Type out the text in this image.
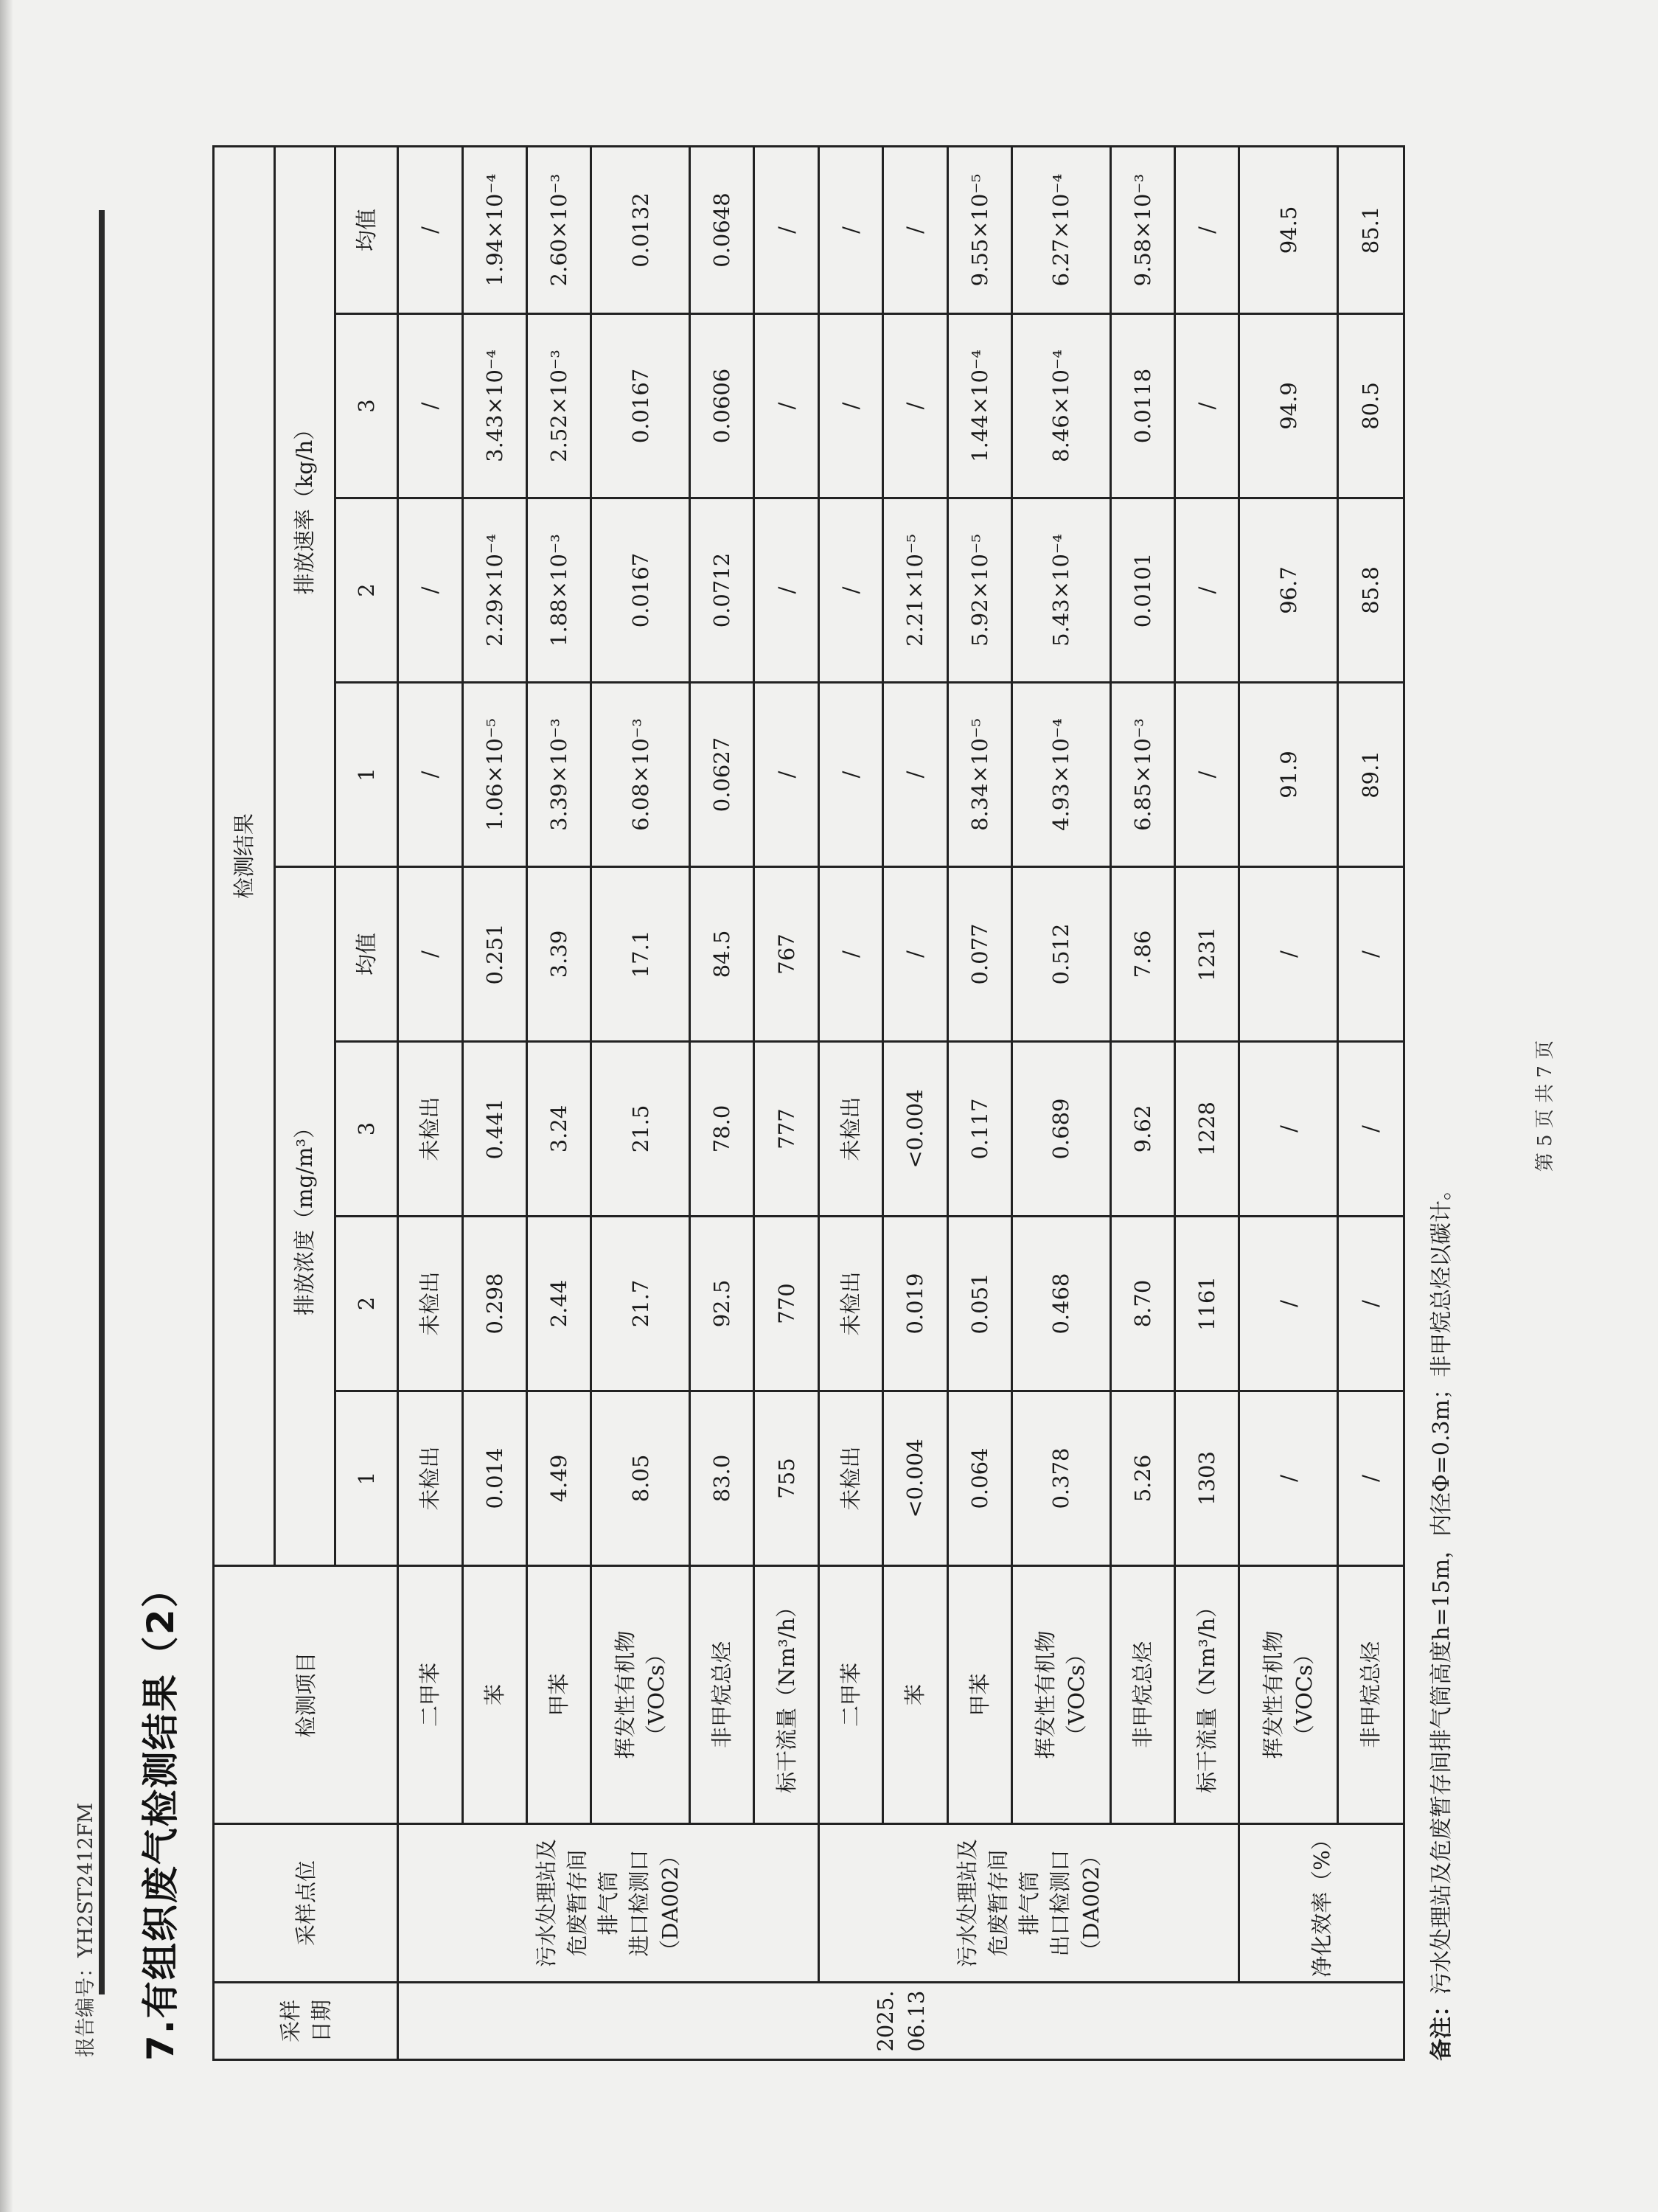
报告编号：YH2ST2412FM 7.有组织废气检测结果（2）	采样
日期	采样点位	检测项目	检测结果							
			排放浓度（mg/m³）				排放速率（kg/h）			
			1	2	3	均值	1	2	3	均值
2025.
06.13	污水处理站及
危废暂存间
排气筒
进口检测口
（DA002）	二甲苯	未检出	未检出	未检出	/	/	/	/	/
		苯	0.014	0.298	0.441	0.251	1.06×10⁻⁵	2.29×10⁻⁴	3.43×10⁻⁴	1.94×10⁻⁴
		甲苯	4.49	2.44	3.24	3.39	3.39×10⁻³	1.88×10⁻³	2.52×10⁻³	2.60×10⁻³
		挥发性有机物
（VOCs）	8.05	21.7	21.5	17.1	6.08×10⁻³	0.0167	0.0167	0.0132
		非甲烷总烃	83.0	92.5	78.0	84.5	0.0627	0.0712	0.0606	0.0648
		标干流量（Nm³/h）	755	770	777	767	/	/	/	/
	污水处理站及
危废暂存间
排气筒
出口检测口
（DA002）	二甲苯	未检出	未检出	未检出	/	/	/	/	/
		苯	<0.004	0.019	<0.004	/	/	2.21×10⁻⁵	/	/
		甲苯	0.064	0.051	0.117	0.077	8.34×10⁻⁵	5.92×10⁻⁵	1.44×10⁻⁴	9.55×10⁻⁵
		挥发性有机物
（VOCs）	0.378	0.468	0.689	0.512	4.93×10⁻⁴	5.43×10⁻⁴	8.46×10⁻⁴	6.27×10⁻⁴
		非甲烷总烃	5.26	8.70	9.62	7.86	6.85×10⁻³	0.0101	0.0118	9.58×10⁻³
		标干流量（Nm³/h）	1303	1161	1228	1231	/	/	/	/
	净化效率（%）	挥发性有机物
（VOCs）	/	/	/	/	91.9	96.7	94.9	94.5
		非甲烷总烃	/	/	/	/	89.1	85.8	80.5	85.1
备注：污水处理站及危废暂存间排气筒高度h=15m，内径Φ=0.3m；非甲烷总烃以碳计。
第 5 页 共 7 页
